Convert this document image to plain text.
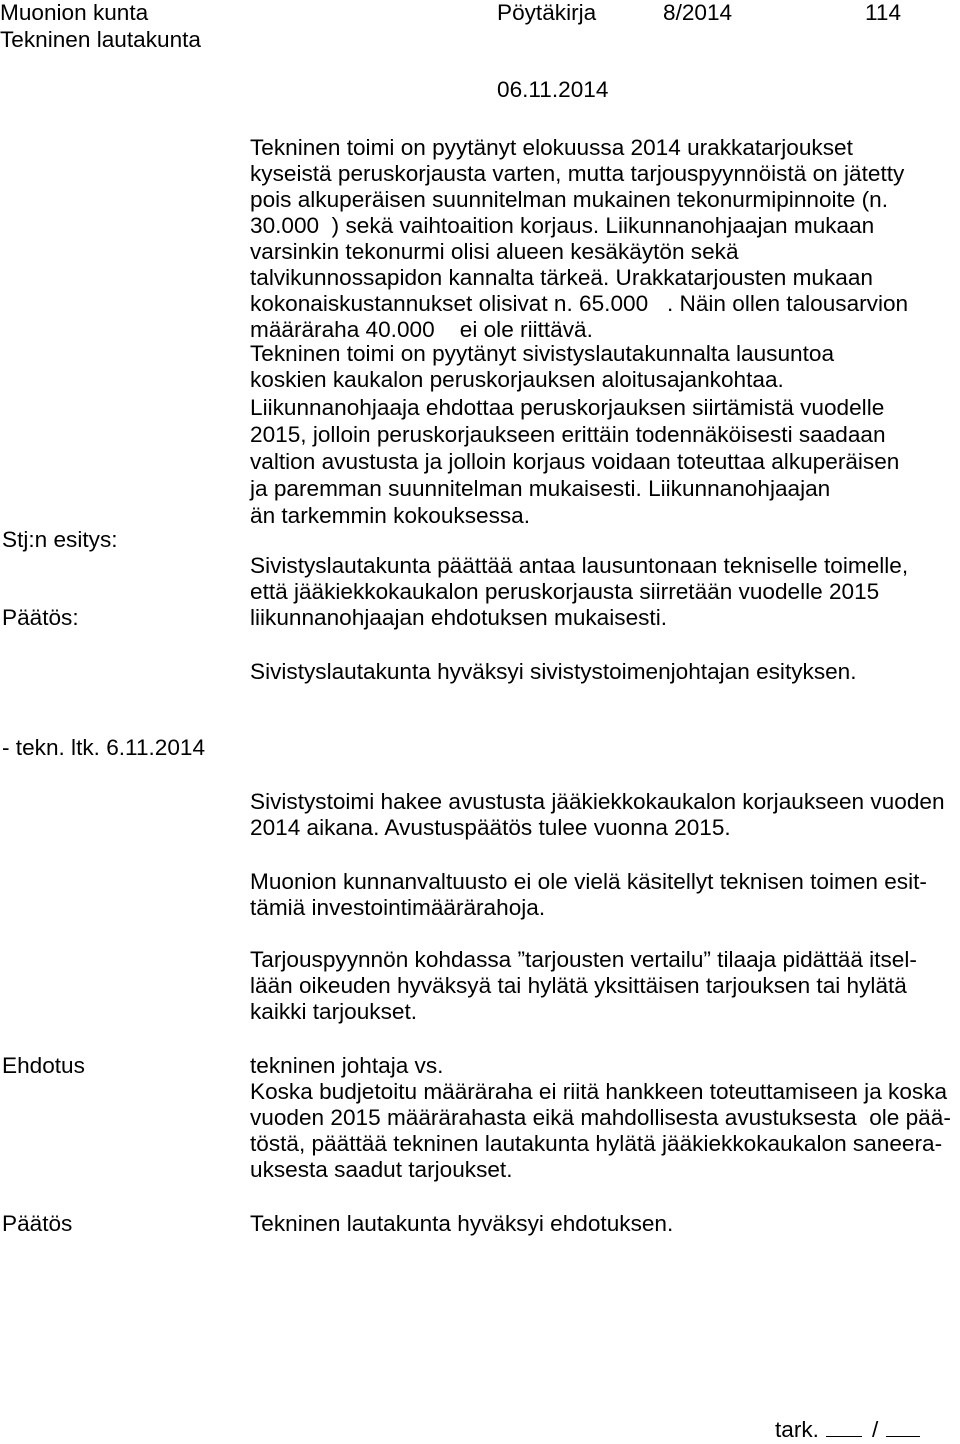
Muonion kunta
Tekninen lautakunta
Pöytäkirja	8/2014	114
06.11.2014
Tekninen toimi on pyytänyt elokuussa 2014 urakkatarjoukset
kyseistä peruskorjausta varten, mutta tarjouspyynnöistä on jätetty
pois alkuperäisen suunnitelman mukainen tekonurmipinnoite (n.
30.000  ) sekä vaihtoaition korjaus. Liikunnanohjaajan mukaan
varsinkin tekonurmi olisi alueen kesäkäytön sekä
talvikunnossapidon kannalta tärkeä. Urakkatarjousten mukaan
kokonaiskustannukset olisivat n. 65.000   . Näin ollen talousarvion
määräraha 40.000    ei ole riittävä.
Tekninen toimi on pyytänyt sivistyslautakunnalta lausuntoa
koskien kaukalon peruskorjauksen aloitusajankohtaa.
Liikunnanohjaaja ehdottaa peruskorjauksen siirtämistä vuodelle
2015, jolloin peruskorjaukseen erittäin todennäköisesti saadaan
valtion avustusta ja jolloin korjaus voidaan toteuttaa alkuperäisen
ja paremman suunnitelman mukaisesti. Liikunnanohjaajan
än tarkemmin kokouksessa.
Stj:n esitys:
Sivistyslautakunta päättää antaa lausuntonaan tekniselle toimelle,
että jääkiekkokaukalon peruskorjausta siirretään vuodelle 2015
liikunnanohjaajan ehdotuksen mukaisesti.
Päätös:
Sivistyslautakunta hyväksyi sivistystoimenjohtajan esityksen.
- tekn. ltk. 6.11.2014
Sivistystoimi hakee avustusta jääkiekkokaukalon korjaukseen vuoden
2014 aikana. Avustuspäätös tulee vuonna 2015.
Muonion kunnanvaltuusto ei ole vielä käsitellyt teknisen toimen esit-
tämiä investointimäärärahoja.
Tarjouspyynnön kohdassa ”tarjousten vertailu” tilaaja pidättää itsel-
lään oikeuden hyväksyä tai hylätä yksittäisen tarjouksen tai hylätä
kaikki tarjoukset.
Ehdotus	tekninen johtaja vs.
Koska budjetoitu määräraha ei riitä hankkeen toteuttamiseen ja koska
vuoden 2015 määrärahasta eikä mahdollisesta avustuksesta  ole pää-
töstä, päättää tekninen lautakunta hylätä jääkiekkokaukalon saneera-
uksesta saadut tarjoukset.
Päätös	Tekninen lautakunta hyväksyi ehdotuksen.
tark. /
